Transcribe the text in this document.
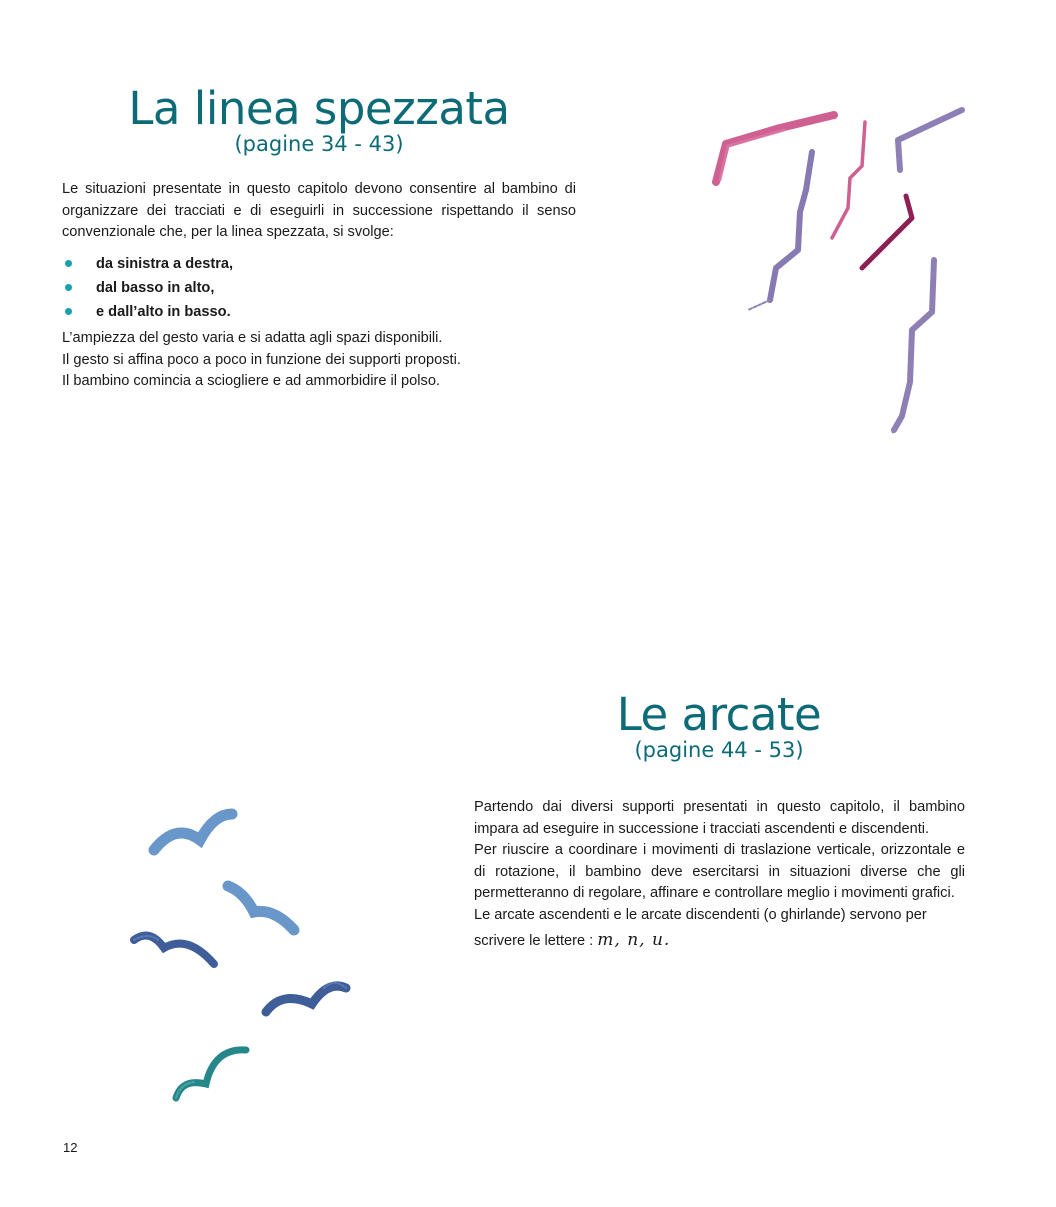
La linea spezzata
(pagine 34 - 43)

Le situazioni presentate in questo capitolo devono consentire al bambino di organizzare dei tracciati e di eseguirli in successione rispettando il senso convenzionale che, per la linea spezzata, si svolge:

da sinistra a destra,
dal basso in alto,
e dall’alto in basso.

L’ampiezza del gesto varia e si adatta agli spazi disponibili.

Il gesto si affina poco a poco in funzione dei supporti proposti.

Il bambino comincia a sciogliere e ad ammorbidire il polso.

Le arcate
(pagine 44 - 53)

Partendo dai diversi supporti presentati in questo capitolo, il bambino impara ad eseguire in successione i tracciati ascendenti e discendenti.

Per riuscire a coordinare i movimenti di traslazione verticale, orizzontale e di rotazione, il bambino deve esercitarsi in situazioni diverse che gli permetteranno di regolare, affinare e controllare meglio i movimenti grafici.

Le arcate ascendenti e le arcate discendenti (o ghirlande) servono per

scrivere le lettere : m, n, u.

12
